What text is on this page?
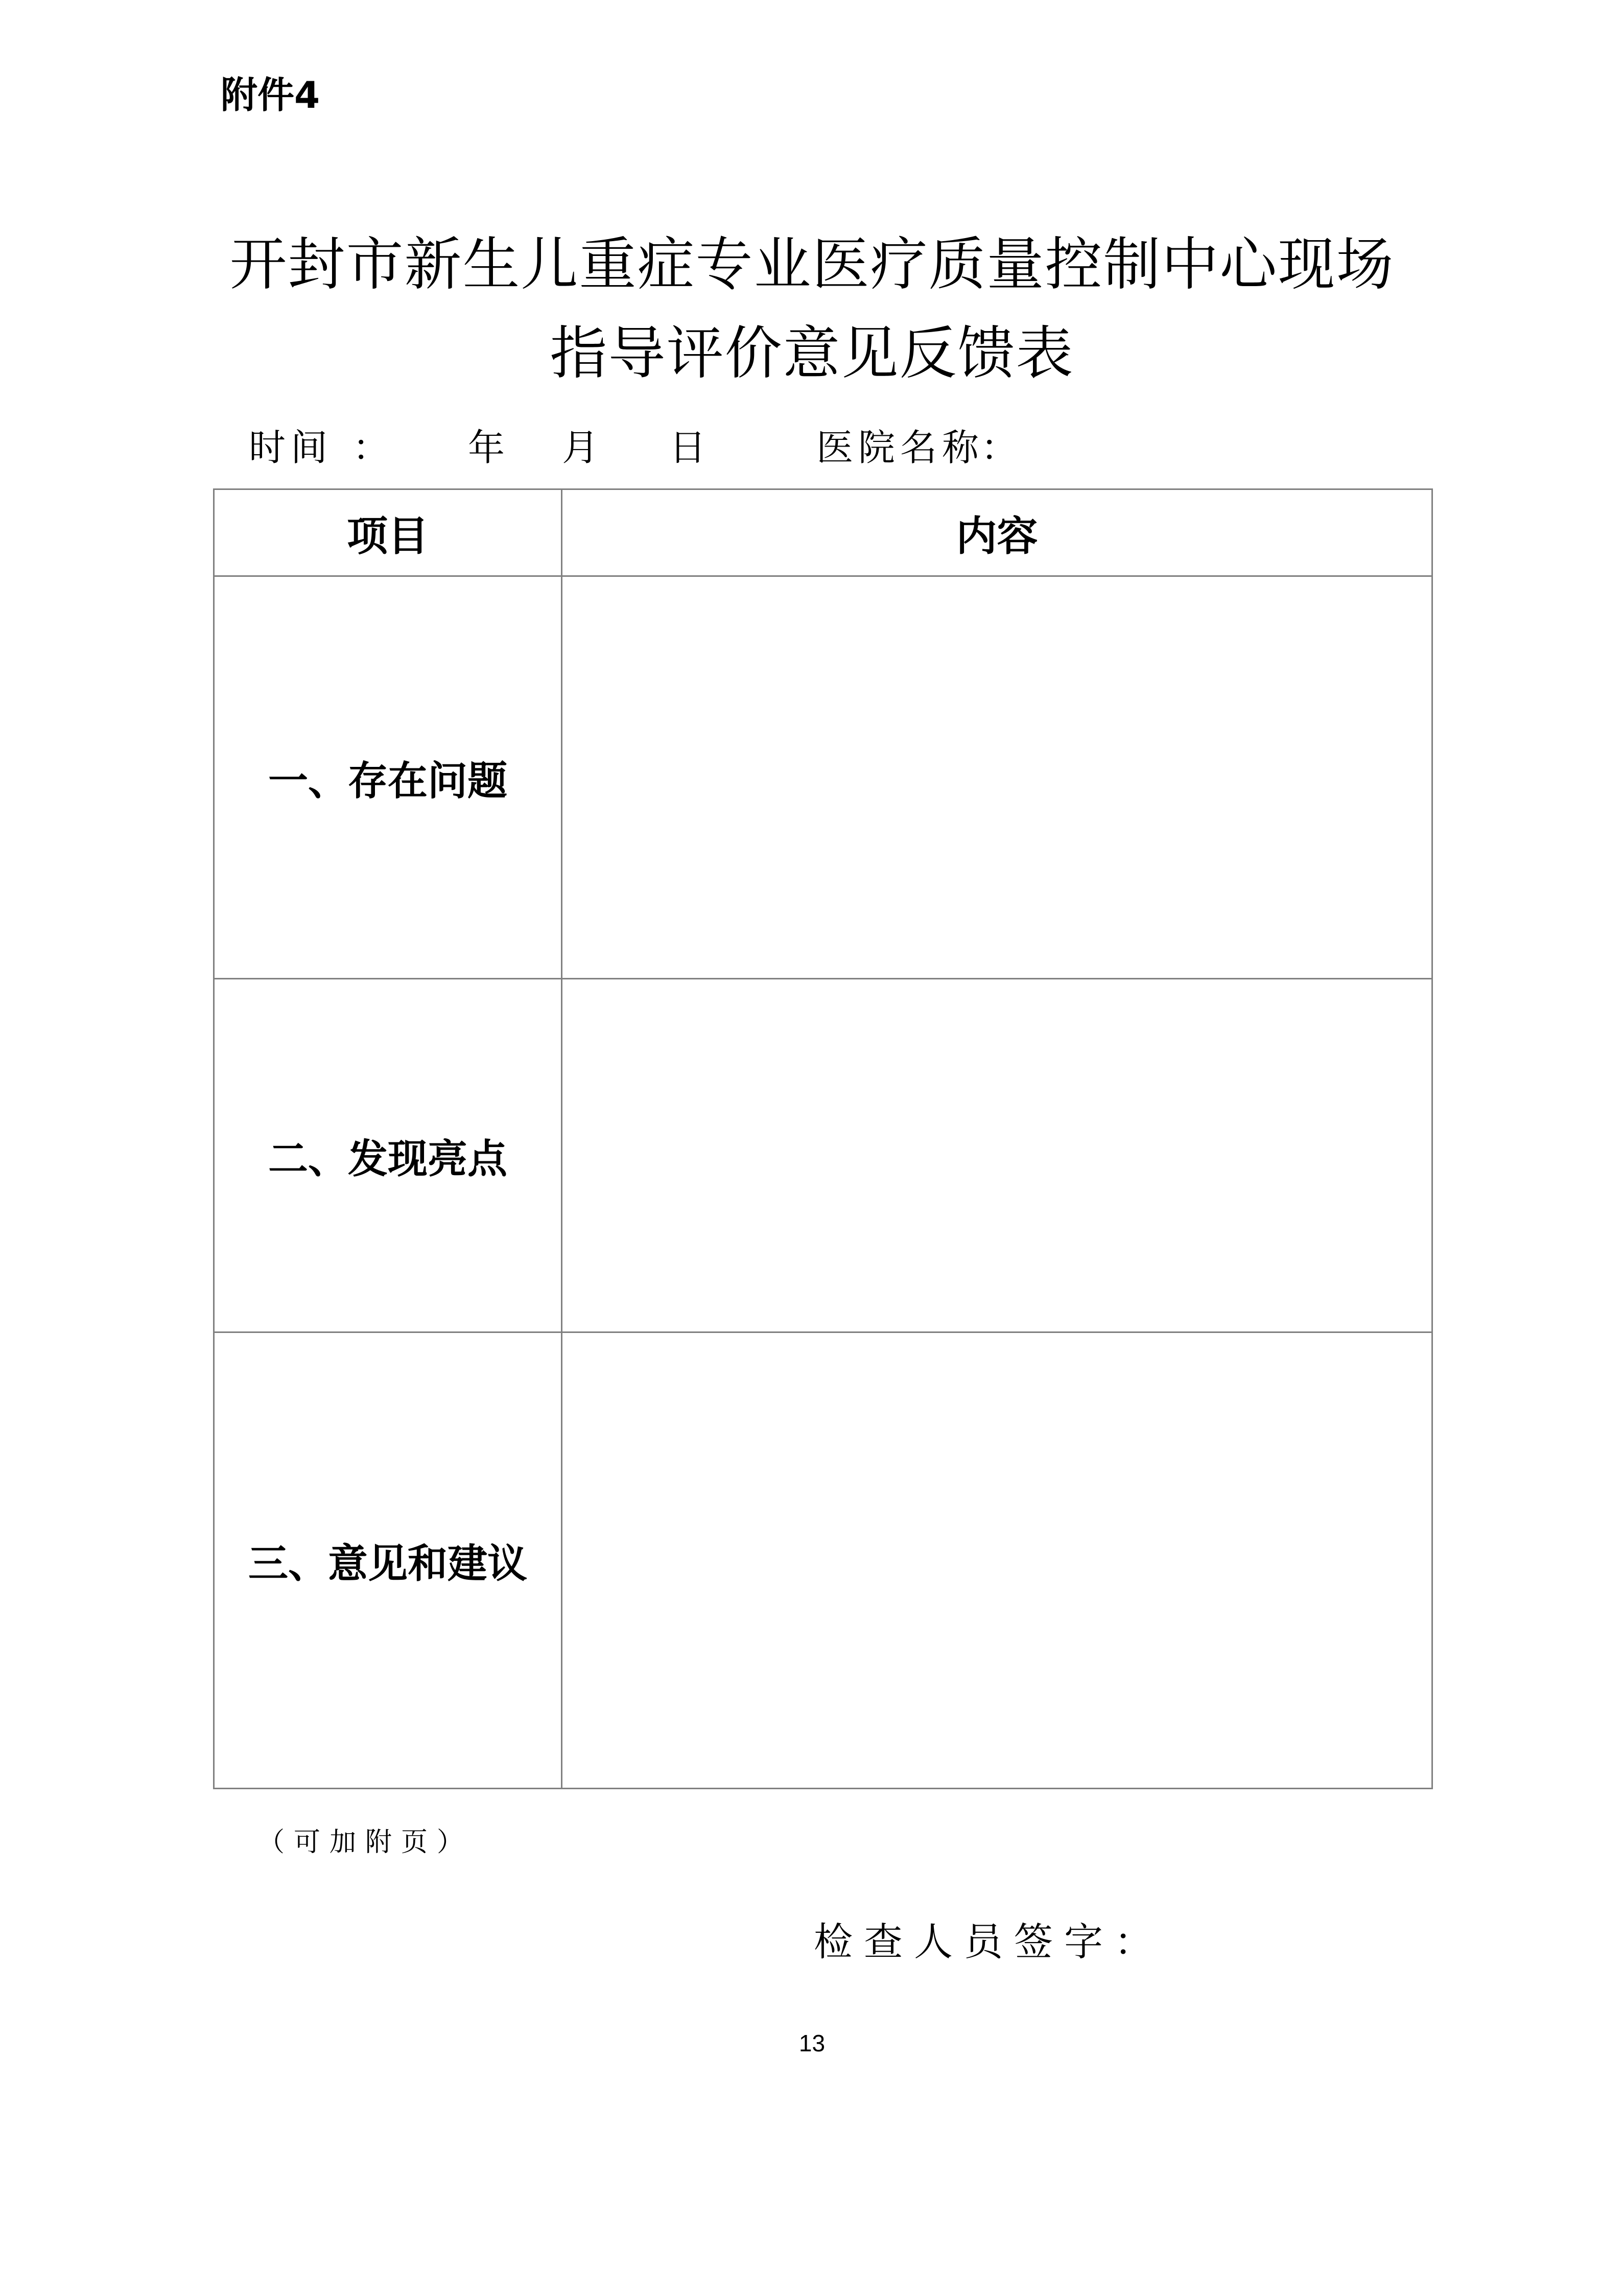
附件4
开封市新生儿重症专业医疗质量控制中心现场
指导评价意见反馈表
时间 ： 年 月 日	医院名称
：
项目	内容
一、存在问题	
二、发现亮点	
三、意见和建议	
（可加附页）
检查人员签字：
13
